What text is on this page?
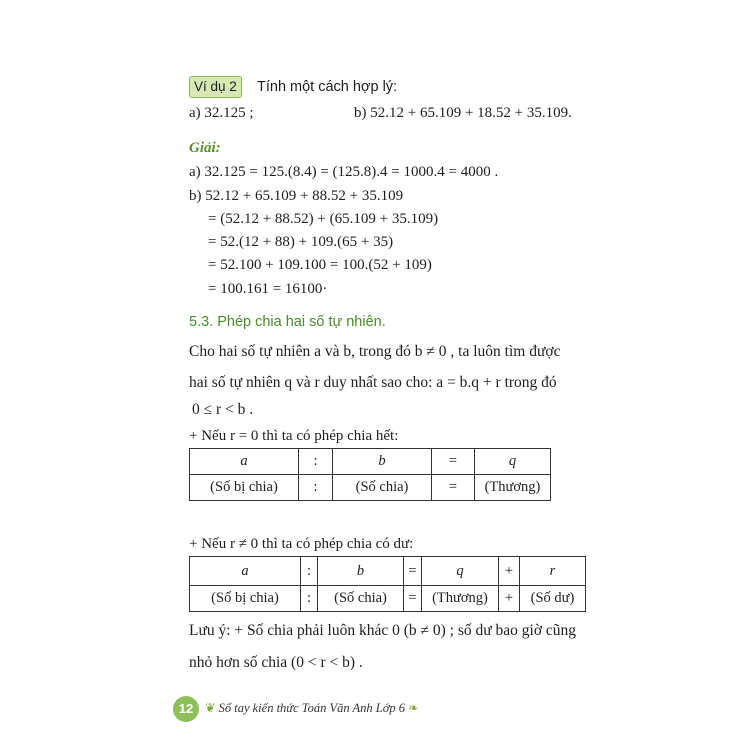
Ví dụ 2	Tính một cách hợp lý:
a) 32.125 ;	b) 52.12 + 65.109 + 18.52 + 35.109.
Giải:
a) 32.125 = 125.(8.4) = (125.8).4 = 1000.4 = 4000 .
b) 52.12 + 65.109 + 88.52 + 35.109
= (52.12 + 88.52) + (65.109 + 35.109)
= 52.(12 + 88) + 109.(65 + 35)
= 52.100 + 109.100 = 100.(52 + 109)
= 100.161 = 16100·
5.3. Phép chia hai số tự nhiên.
Cho hai số tự nhiên a và b, trong đó b ≠ 0 , ta luôn tìm được
hai số tự nhiên q và r duy nhất sao cho: a = b.q + r trong đó
0 ≤ r < b .
+ Nếu r = 0 thì ta có phép chia hết:
a	:	b	=	q
(Số bị chia)	:	(Số chia)	=	(Thương)
+ Nếu r ≠ 0 thì ta có phép chia có dư:
a	:	b	=	q	+	r
(Số bị chia)	:	(Số chia)	=	(Thương)	+	(Số dư)
Lưu ý: + Số chia phải luôn khác 0 (b ≠ 0) ; số dư bao giờ cũng
nhỏ hơn số chia (0 < r < b) .
12 ❦ Sổ tay kiến thức Toán Văn Anh Lớp 6 ❧
